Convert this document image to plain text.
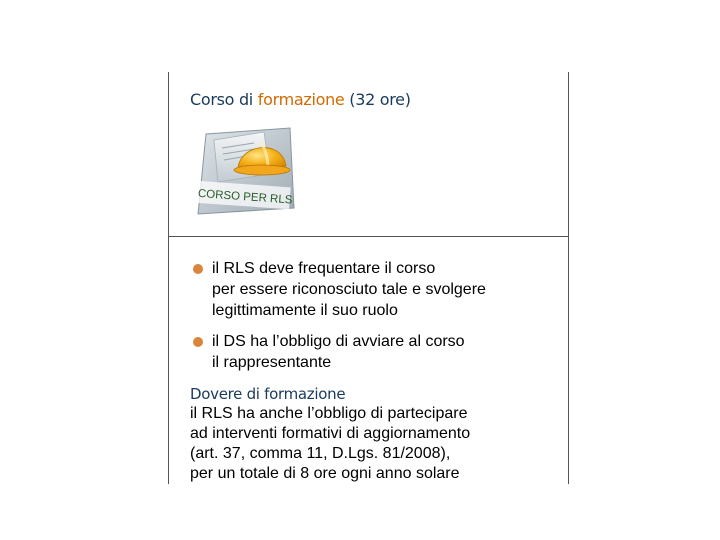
Corso di formazione (32 ore)
CORSO PER RLS
il RLS deve frequentare il corso
per essere riconosciuto tale e svolgere
legittimamente il suo ruolo
il DS ha l’obbligo di avviare al corso
il rappresentante
Dovere di formazione
il RLS ha anche l’obbligo di partecipare
ad interventi formativi di aggiornamento
(art. 37, comma 11, D.Lgs. 81/2008),
per un totale di 8 ore ogni anno solare
